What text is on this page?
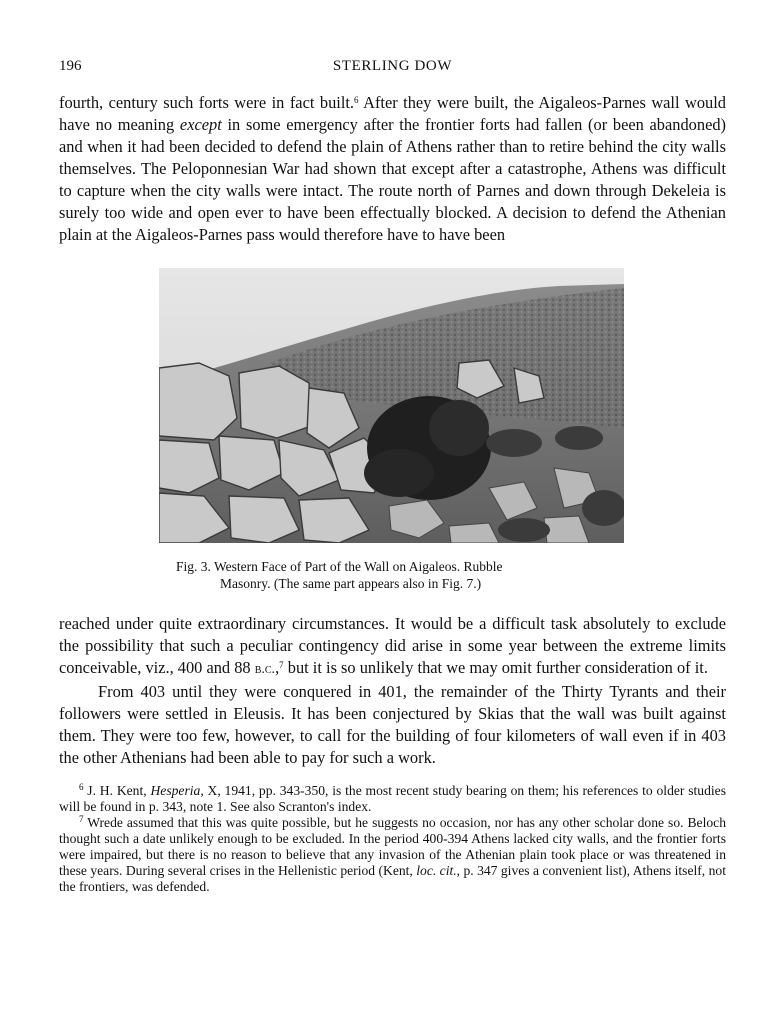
196	STERLING DOW

fourth, century such forts were in fact built.$^6$ After they were built, the Aigaleos-Parnes wall would have no meaning except in some emergency after the frontier forts had fallen (or been abandoned) and when it had been decided to defend the plain of Athens rather than to retire behind the city walls themselves. The Peloponnesian War had shown that except after a catastrophe, Athens was difficult to capture when the city walls were intact. The route north of Parnes and down through Dekeleia is surely too wide and open ever to have been effectually blocked. A decision to defend the Athenian plain at the Aigaleos-Parnes pass would therefore have to have been

Fig. 3. Western Face of Part of the Wall on Aigaleos. Rubble
Masonry. (The same part appears also in Fig. 7.)

reached under quite extraordinary circumstances. It would be a difficult task absolutely to exclude the possibility that such a peculiar contingency did arise in some year between the extreme limits conceivable, viz., 400 and 88 b.c.,$^7$ but it is so unlikely that we may omit further consideration of it.

From 403 until they were conquered in 401, the remainder of the Thirty Tyrants and their followers were settled in Eleusis. It has been conjectured by Skias that the wall was built against them. They were too few, however, to call for the building of four kilometers of wall even if in 403 the other Athenians had been able to pay for such a work.

$^6$ J. H. Kent, Hesperia, X, 1941, pp. 343-350, is the most recent study bearing on them; his references to older studies will be found in p. 343, note 1. See also Scranton's index.

$^7$ Wrede assumed that this was quite possible, but he suggests no occasion, nor has any other scholar done so. Beloch thought such a date unlikely enough to be excluded. In the period 400-394 Athens lacked city walls, and the frontier forts were impaired, but there is no reason to believe that any invasion of the Athenian plain took place or was threatened in these years. During several crises in the Hellenistic period (Kent, loc. cit., p. 347 gives a convenient list), Athens itself, not the frontiers, was defended.
